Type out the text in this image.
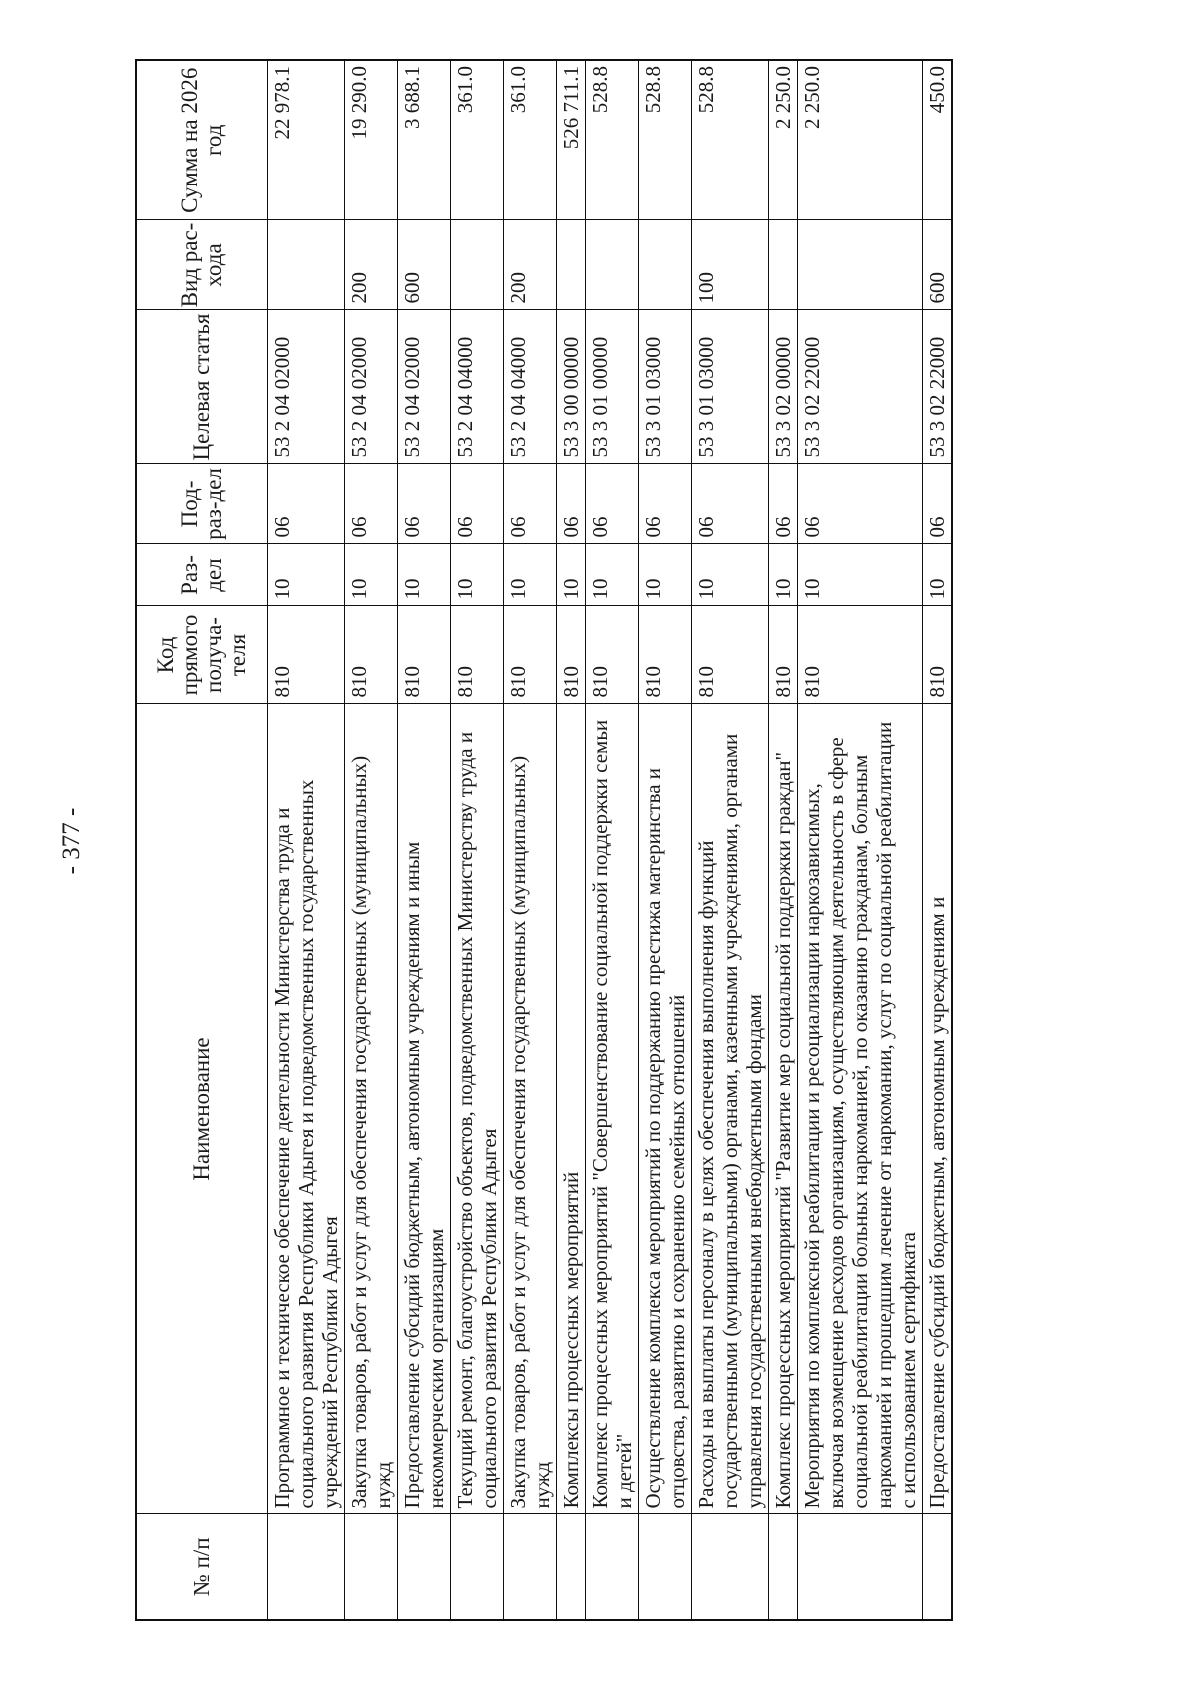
- 377 -
№ п/п	Наименование	Код прямого получа-теля	Раз-дел	Под-раз-дел	Целевая статья	Вид рас-хода	Сумма на 2026 год
	Программное и техническое обеспечение деятельности Министерства труда и социального развития Республики Адыгея и подведомственных государственных учреждений Республики Адыгея	810	10	06	53 2 04 02000		22 978.1
	Закупка товаров, работ и услуг для обеспечения государственных (муниципальных) нужд	810	10	06	53 2 04 02000	200	19 290.0
	Предоставление субсидий бюджетным, автономным учреждениям и иным некоммерческим организациям	810	10	06	53 2 04 02000	600	3 688.1
	Текущий ремонт, благоустройство объектов, подведомственных Министерству труда и социального развития Республики Адыгея	810	10	06	53 2 04 04000		361.0
	Закупка товаров, работ и услуг для обеспечения государственных (муниципальных) нужд	810	10	06	53 2 04 04000	200	361.0
	Комплексы процессных мероприятий	810	10	06	53 3 00 00000		526 711.1
	Комплекс процессных мероприятий "Совершенствование социальной поддержки семьи и детей"	810	10	06	53 3 01 00000		528.8
	Осуществление комплекса мероприятий по поддержанию престижа материнства и отцовства, развитию и сохранению семейных отношений	810	10	06	53 3 01 03000		528.8
	Расходы на выплаты персоналу в целях обеспечения выполнения функций государственными (муниципальными) органами, казенными учреждениями, органами управления государственными внебюджетными фондами	810	10	06	53 3 01 03000	100	528.8
	Комплекс процессных мероприятий "Развитие мер социальной поддержки граждан"	810	10	06	53 3 02 00000		2 250.0
	Мероприятия по комплексной реабилитации и ресоциализации наркозависимых, включая возмещение расходов организациям, осуществляющим деятельность в сфере социальной реабилитации больных наркоманией, по оказанию гражданам, больным наркоманией и прошедшим лечение от наркомании, услуг по социальной реабилитации с использованием сертификата	810	10	06	53 3 02 22000		2 250.0
	Предоставление субсидий бюджетным, автономным учреждениям и	810	10	06	53 3 02 22000	600	450.0
